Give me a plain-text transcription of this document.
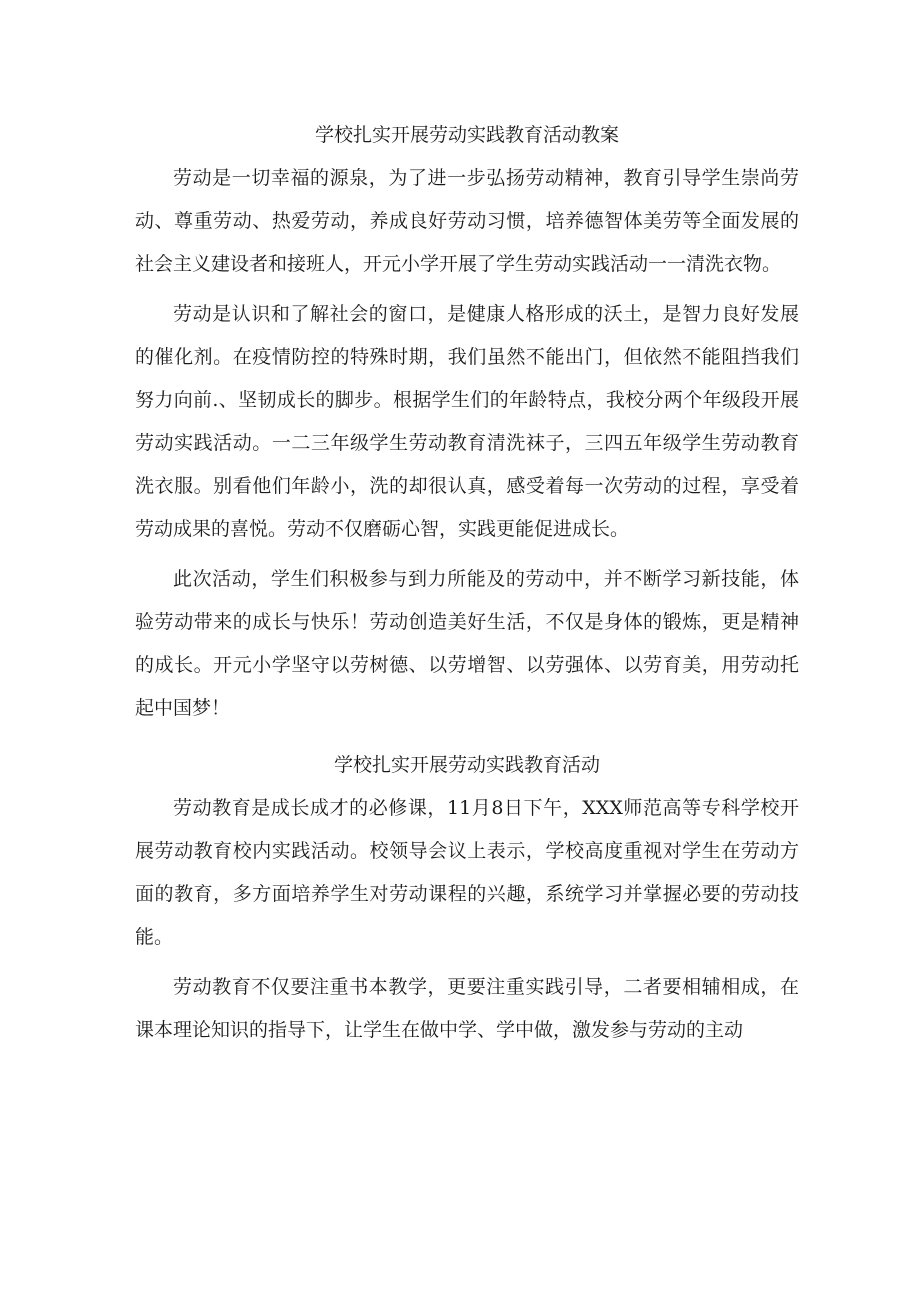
学校扎实开展劳动实践教育活动教案

劳动是一切幸福的源泉，为了进一步弘扬劳动精神，教育引导学生崇尚劳动、尊重劳动、热爱劳动，养成良好劳动习惯，培养德智体美劳等全面发展的社会主义建设者和接班人，开元小学开展了学生劳动实践活动一一清洗衣物。

劳动是认识和了解社会的窗口，是健康人格形成的沃土，是智力良好发展的催化剂。在疫情防控的特殊时期，我们虽然不能出门，但依然不能阻挡我们努力向前.、坚韧成长的脚步。根据学生们的年龄特点，我校分两个年级段开展劳动实践活动。一二三年级学生劳动教育清洗袜子，三四五年级学生劳动教育洗衣服。别看他们年龄小，洗的却很认真，感受着每一次劳动的过程，享受着劳动成果的喜悦。劳动不仅磨砺心智，实践更能促进成长。

此次活动，学生们积极参与到力所能及的劳动中，并不断学习新技能，体验劳动带来的成长与快乐！劳动创造美好生活，不仅是身体的锻炼，更是精神的成长。开元小学坚守以劳树德、以劳增智、以劳强体、以劳育美，用劳动托起中国梦！

学校扎实开展劳动实践教育活动

劳动教育是成长成才的必修课，11月8日下午，XXX师范高等专科学校开展劳动教育校内实践活动。校领导会议上表示，学校高度重视对学生在劳动方面的教育，多方面培养学生对劳动课程的兴趣，系统学习并掌握必要的劳动技能。

劳动教育不仅要注重书本教学，更要注重实践引导，二者要相辅相成，在课本理论知识的指导下，让学生在做中学、学中做，激发参与劳动的主动
